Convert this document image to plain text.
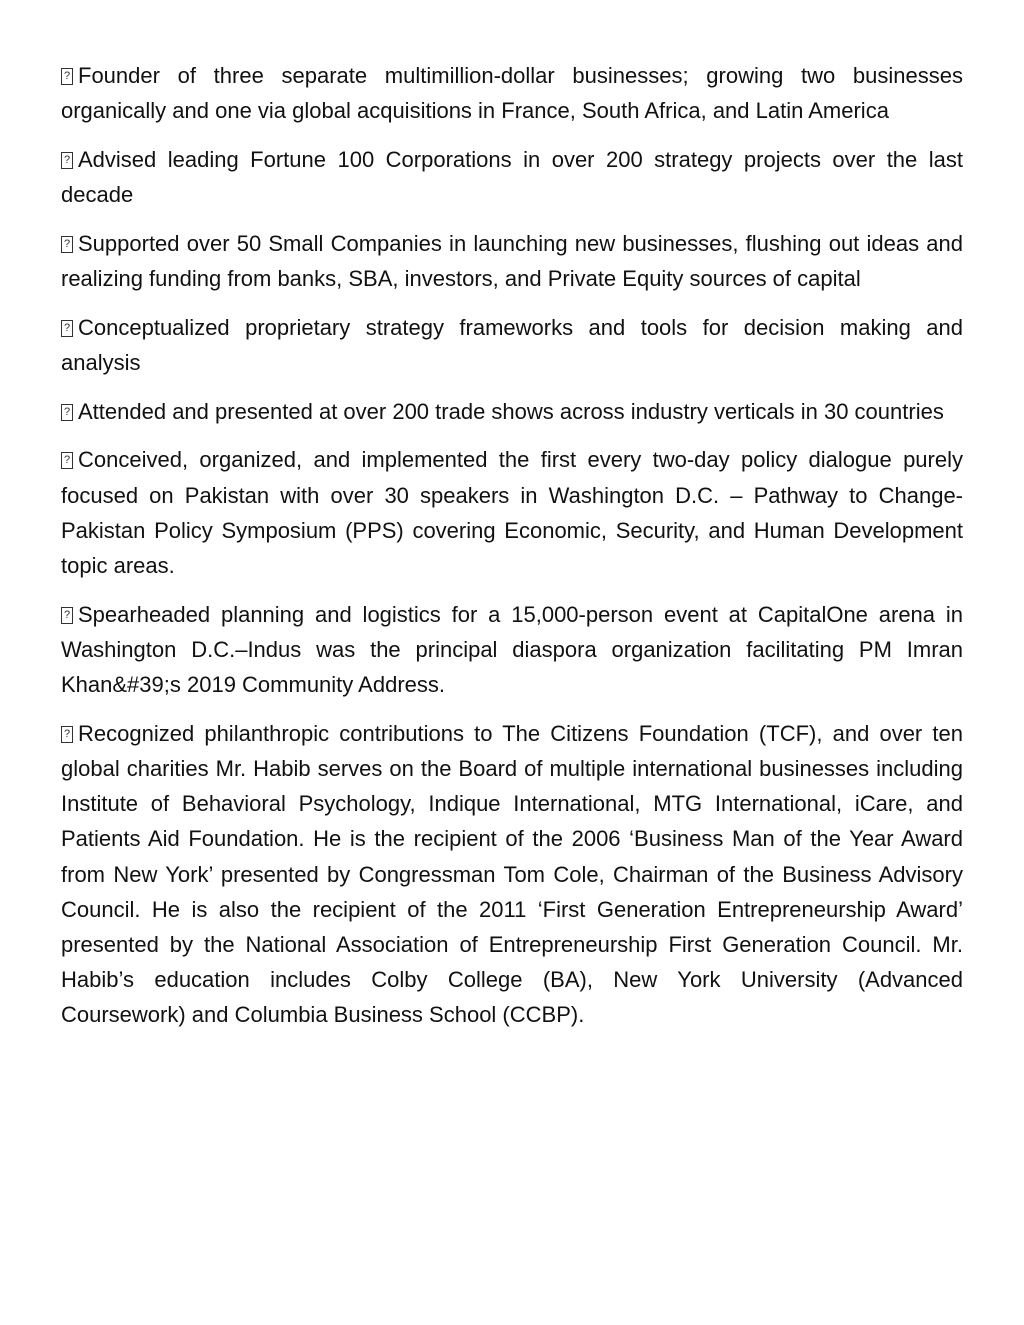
?Founder of three separate multimillion-dollar businesses; growing two businesses organically and one via global acquisitions in France, South Africa, and Latin America

?Advised leading Fortune 100 Corporations in over 200 strategy projects over the last decade

?Supported over 50 Small Companies in launching new businesses, flushing out ideas and realizing funding from banks, SBA, investors, and Private Equity sources of capital

?Conceptualized proprietary strategy frameworks and tools for decision making and analysis

?Attended and presented at over 200 trade shows across industry verticals in 30 countries

?Conceived, organized, and implemented the first every two-day policy dialogue purely focused on Pakistan with over 30 speakers in Washington D.C. – Pathway to Change- Pakistan Policy Symposium (PPS) covering Economic, Security, and Human Development topic areas.

?Spearheaded planning and logistics for a 15,000-person event at CapitalOne arena in Washington D.C.–Indus was the principal diaspora organization facilitating PM Imran Khan&#39;s 2019 Community Address.

?Recognized philanthropic contributions to The Citizens Foundation (TCF), and over ten global charities Mr. Habib serves on the Board of multiple international businesses including Institute of Behavioral Psychology, Indique International, MTG International, iCare, and Patients Aid Foundation. He is the recipient of the 2006 ‘Business Man of the Year Award from New York’ presented by Congressman Tom Cole, Chairman of the Business Advisory Council. He is also the recipient of the 2011 ‘First Generation Entrepreneurship Award’ presented by the National Association of Entrepreneurship First Generation Council. Mr. Habib’s education includes Colby College (BA), New York University (Advanced Coursework) and Columbia Business School (CCBP).
